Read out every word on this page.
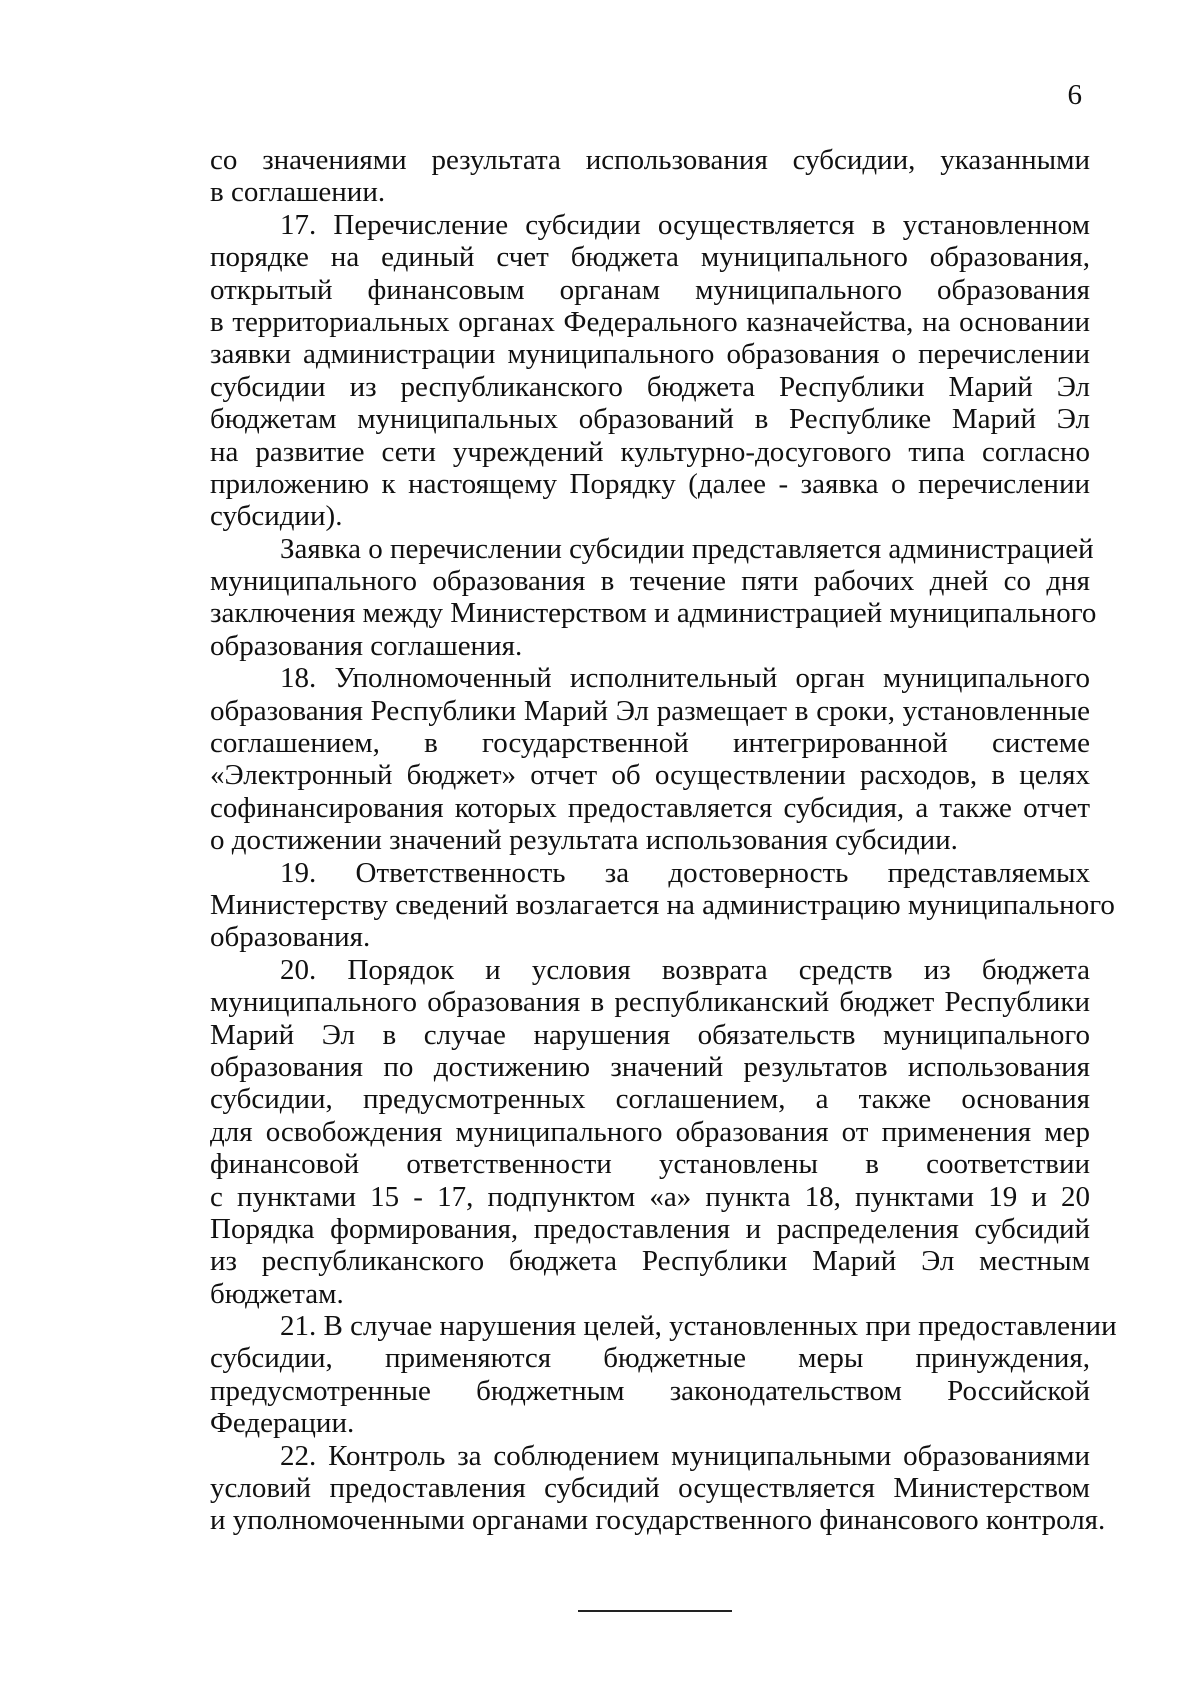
6
со значениями результата использования субсидии, указанными
в соглашении.
17. Перечисление субсидии осуществляется в установленном
порядке на единый счет бюджета муниципального образования,
открытый финансовым органам муниципального образования
в территориальных органах Федерального казначейства, на основании
заявки администрации муниципального образования о перечислении
субсидии из республиканского бюджета Республики Марий Эл
бюджетам муниципальных образований в Республике Марий Эл
на развитие сети учреждений культурно-досугового типа согласно
приложению к настоящему Порядку (далее - заявка о перечислении
субсидии).
Заявка о перечислении субсидии представляется администрацией
муниципального образования в течение пяти рабочих дней со дня
заключения между Министерством и администрацией муниципального
образования соглашения.
18. Уполномоченный исполнительный орган муниципального
образования Республики Марий Эл размещает в сроки, установленные
соглашением, в государственной интегрированной системе
«Электронный бюджет» отчет об осуществлении расходов, в целях
софинансирования которых предоставляется субсидия, а также отчет
о достижении значений результата использования субсидии.
19. Ответственность за достоверность представляемых
Министерству сведений возлагается на администрацию муниципального
образования.
20. Порядок и условия возврата средств из бюджета
муниципального образования в республиканский бюджет Республики
Марий Эл в случае нарушения обязательств муниципального
образования по достижению значений результатов использования
субсидии, предусмотренных соглашением, а также основания
для освобождения муниципального образования от применения мер
финансовой ответственности установлены в соответствии
с пунктами 15 - 17, подпунктом «а» пункта 18, пунктами 19 и 20
Порядка формирования, предоставления и распределения субсидий
из республиканского бюджета Республики Марий Эл местным
бюджетам.
21. В случае нарушения целей, установленных при предоставлении
субсидии, применяются бюджетные меры принуждения,
предусмотренные бюджетным законодательством Российской
Федерации.
22. Контроль за соблюдением муниципальными образованиями
условий предоставления субсидий осуществляется Министерством
и уполномоченными органами государственного финансового контроля.
